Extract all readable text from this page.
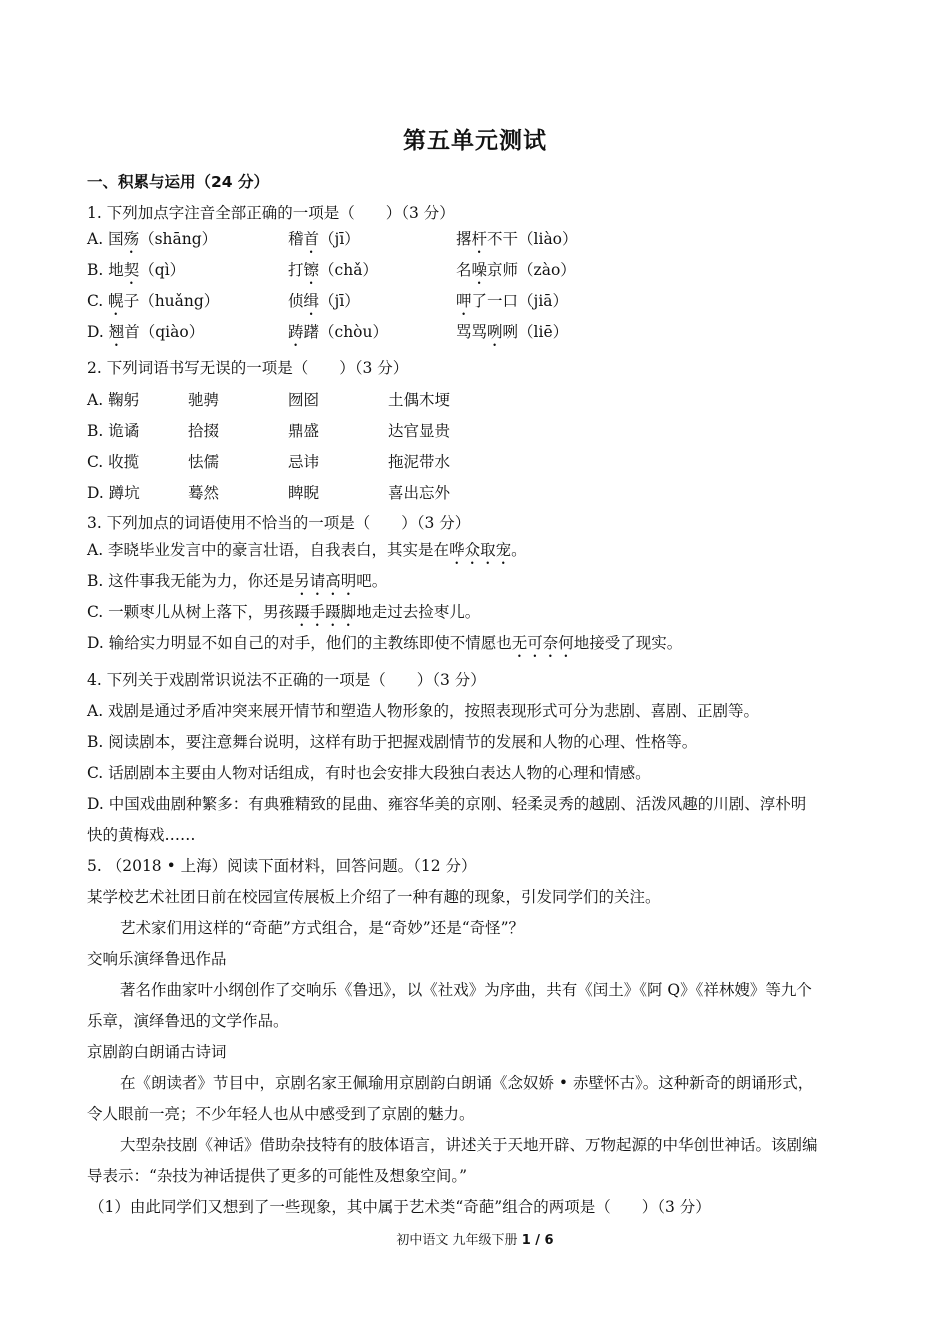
第五单元测试
一、积累与运用（24 分）
1. 下列加点字注音全部正确的一项是（　　）（3 分）
A. 国殇（shāng）	稽首（jī）	撂杆不干（liào）
B. 地契（qì）	打镲（chǎ）	名噪京师（zào）
C. 幌子（huǎng）	侦缉（jī）	呷了一口（jiā）
D. 翘首（qiào）	踌躇（chòu）	骂骂咧咧（liē）
2. 下列词语书写无误的一项是（　　）（3 分）
A. 鞠躬	驰骋	囫囵	土偶木埂
B. 诡谲	拾掇	鼎盛	达官显贵
C. 收揽	怯儒	忌讳	拖泥带水
D. 蹲坑	蓦然	睥睨	喜出忘外
3. 下列加点的词语使用不恰当的一项是（　　）（3 分）
A. 李晓毕业发言中的豪言壮语，自我表白，其实是在哗众取宠。
B. 这件事我无能为力，你还是另请高明吧。
C. 一颗枣儿从树上落下，男孩蹑手蹑脚地走过去捡枣儿。
D. 输给实力明显不如自己的对手，他们的主教练即使不情愿也无可奈何地接受了现实。
4. 下列关于戏剧常识说法不正确的一项是（　　）（3 分）
A. 戏剧是通过矛盾冲突来展开情节和塑造人物形象的，按照表现形式可分为悲剧、喜剧、正剧等。
B. 阅读剧本，要注意舞台说明，这样有助于把握戏剧情节的发展和人物的心理、性格等。
C. 话剧剧本主要由人物对话组成，有时也会安排大段独白表达人物的心理和情感。
D. 中国戏曲剧种繁多：有典雅精致的昆曲、雍容华美的京刚、轻柔灵秀的越剧、活泼风趣的川剧、淳朴明
快的黄梅戏……
5. （2018 • 上海）阅读下面材料，回答问题。（12 分）
某学校艺术社团日前在校园宣传展板上介绍了一种有趣的现象，引发同学们的关注。
艺术家们用这样的“奇葩”方式组合，是“奇妙”还是“奇怪”？
交响乐演绎鲁迅作品
著名作曲家叶小纲创作了交响乐《鲁迅》，以《社戏》为序曲，共有《闰土》《阿 Q》《祥林嫂》等九个
乐章，演绎鲁迅的文学作品。
京剧韵白朗诵古诗词
在《朗读者》节目中，京剧名家王佩瑜用京剧韵白朗诵《念奴娇 • 赤壁怀古》。这种新奇的朗诵形式，
令人眼前一亮；不少年轻人也从中感受到了京剧的魅力。
大型杂技剧《神话》借助杂技特有的肢体语言，讲述关于天地开辟、万物起源的中华创世神话。该剧编
导表示：“杂技为神话提供了更多的可能性及想象空间。”
（1）由此同学们又想到了一些现象，其中属于艺术类“奇葩”组合的两项是（　　）（3 分）
初中语文 九年级下册 1 / 6
